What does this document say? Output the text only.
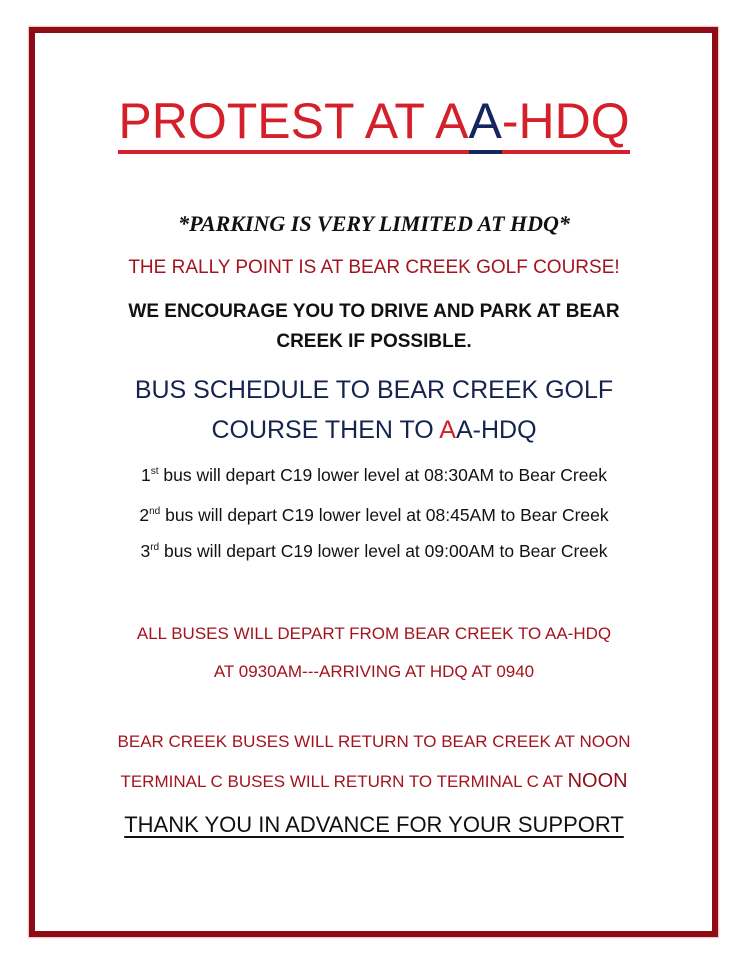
PROTEST AT AA
-HDQ
*PARKING IS VERY LIMITED AT HDQ*
THE RALLY POINT IS AT BEAR CREEK GOLF COURSE!
WE ENCOURAGE YOU TO DRIVE AND PARK AT BEAR
CREEK IF POSSIBLE.
BUS SCHEDULE TO BEAR CREEK GOLF
COURSE THEN TO AA-HDQ
1st bus will depart C19 lower level at 08:30AM to Bear Creek
2nd bus will depart C19 lower level at 08:45AM to Bear Creek
3rd bus will depart C19 lower level at 09:00AM to Bear Creek
ALL BUSES WILL DEPART FROM BEAR CREEK TO AA-HDQ
AT 0930AM---ARRIVING AT HDQ AT 0940
BEAR CREEK BUSES WILL RETURN TO BEAR CREEK AT NOON
TERMINAL C BUSES WILL RETURN TO TERMINAL C AT NOON
THANK YOU IN ADVANCE FOR YOUR SUPPORT
